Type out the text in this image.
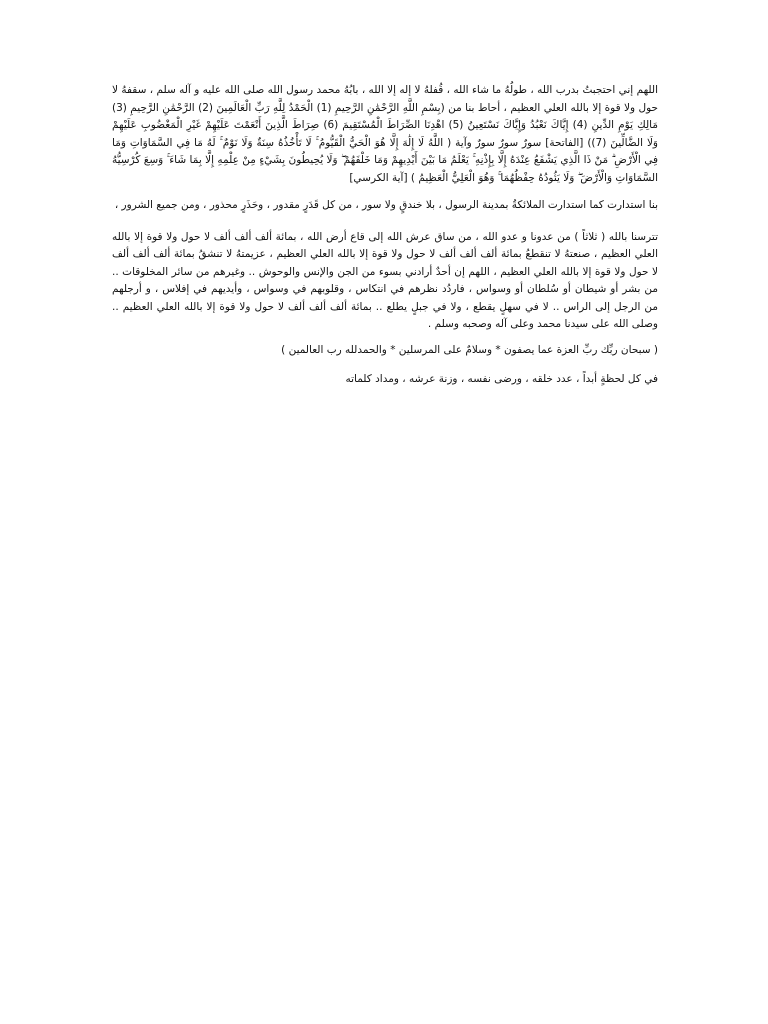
اللهم إني احتجبتُ بدرب الله ، طولُهُ ما شاء الله ، قُفلهُ لا إله إلا الله ، بابُهُ محمد رسول الله صلى الله عليه و آله سلم ، سقفهُ لا حول ولا قوة إلا بالله العلي العظيم ، أحاط بنا من (بِسْمِ اللَّهِ الرَّحْمَٰنِ الرَّحِيمِ (1) الْحَمْدُ لِلَّهِ رَبِّ الْعَالَمِينَ (2) الرَّحْمَٰنِ الرَّحِيمِ (3) مَالِكِ يَوْمِ الدِّينِ (4) إِيَّاكَ نَعْبُدُ وَإِيَّاكَ نَسْتَعِينُ (5) اهْدِنَا الصِّرَاطَ الْمُسْتَقِيمَ (6) صِرَاطَ الَّذِينَ أَنْعَمْتَ عَلَيْهِمْ غَيْرِ الْمَغْضُوبِ عَلَيْهِمْ وَلَا الضَّالِّينَ (7)) [الفاتحة] سورٌ سورٌ سورٌ وآية ( اللَّهُ لَا إِلَٰهَ إِلَّا هُوَ الْحَيُّ الْقَيُّومُ ۚ لَا تَأْخُذُهُ سِنَةٌ وَلَا نَوْمٌ ۚ لَهُ مَا فِي السَّمَاوَاتِ وَمَا فِي الْأَرْضِ ۗ مَنْ ذَا الَّذِي يَشْفَعُ عِنْدَهُ إِلَّا بِإِذْنِهِ ۚ يَعْلَمُ مَا بَيْنَ أَيْدِيهِمْ وَمَا خَلْفَهُمْ ۖ وَلَا يُحِيطُونَ بِشَيْءٍ مِنْ عِلْمِهِ إِلَّا بِمَا شَاءَ ۚ وَسِعَ كُرْسِيُّهُ السَّمَاوَاتِ وَالْأَرْضَ ۖ وَلَا يَئُودُهُ حِفْظُهُمَا ۚ وَهُوَ الْعَلِيُّ الْعَظِيمُ ) [آية الكرسي]

بنا استدارت كما استدارت الملائكةُ بمدينة الرسول ، بلا خندقٍ ولا سور ، من كل قَدَرٍ مقدور ، وحَذَرٍ محذور ، ومن جميع الشرور ،

تترسنا بالله ( ثلاثاً ) من عدونا و عدو الله ، من ساق عرش الله إلى قاع أرض الله ، بمائة ألف ألف ألف لا حول ولا قوة إلا بالله العلي العظيم ، صنعتهُ لا تنقطعُ بمائة ألف ألف ألف لا حول ولا قوة إلا بالله العلي العظيم ، عزيمتهُ لا تنشقُ بمائة ألف ألف ألف لا حول ولا قوة إلا بالله العلي العظيم ، اللهم إن أحدٌ أرادني بسوء من الجن والإنس والوحوش .. وغيرهم من سائر المخلوقات .. من بشر أو شيطان أو سُلطان أو وسواس ، فاردُد نظرهم في انتكاس ، وقلوبهم في وسواس ، وأيديهم في إفلاس ، و أرجلهم من الرجل إلى الراس .. لا في سهلٍ يقطع ، ولا في جبلٍ يطلع .. بمائة ألف ألف ألف لا حول ولا قوة إلا بالله العلي العظيم .. وصلى الله على سيدنا محمد وعلى آله وصحبه وسلم .

( سبحان ربِّك ربِّ العزة عما يصفون * وسلامٌ على المرسلين * والحمدلله رب العالمين )

في كل لحظةٍ أبداً ، عدد خلقه ، ورضى نفسه ، وزنة عرشه ، ومداد كلماته
